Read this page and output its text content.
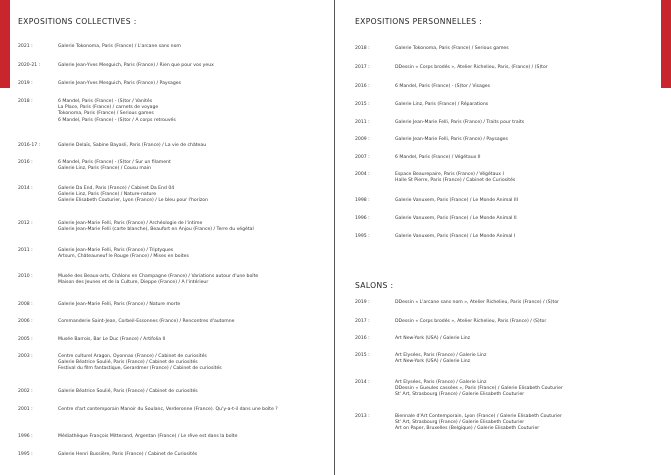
EXPOSITIONS COLLECTIVES :
2021 :	Galerie Tokonoma, Paris (France) / L'arcane sans nom
2020-21 :	Galerie Jean-Yves Mesguich, Paris (France) / Rien que pour vos yeux
2019 :	Galerie Jean-Yves Mesguich, Paris (France) / Paysages
2018 :	6 Mandel, Paris (France) - (S)tor / Vanités
La Place, Paris (France) / carnets de voyage
Tokonoma, Paris (France) / Serious games
6 Mandel, Paris (France) - (S)tor / A corps retrouvés
2016-17 :	Galerie Delaïs, Sabine Bayasli, Paris (France) / La vie de château
2016 :	6 Mandel, Paris (France) - (S)tor / Sur un filament
Galerie Linz, Paris (France) / Cousu main
2014 :	Galerie Da End, Paris (France) / Cabinet Da End 04
Galerie Linz, Paris (France) / Nature-nature
Galerie Elisabeth Couturier, Lyon (France) / Le bleu pour l'horizon
2012 :	Galerie Jean-Marie Felli, Paris (France) / Archéologie de l'intime
Galerie Jean-Marie Felli (carte blanche), Beaufort en Anjou (France) / Terre du végétal
2011 :	Galerie Jean-Marie Felli, Paris (France) / Triptyques
Artsum, Châteauneuf le Rouge (France) / Mises en boites
2010 :	Musée des Beaux-arts, Châlons en Champagne (France) / Variations autour d'une boîte
Maison des Jeunes et de la Culture, Dieppe (France) / A l'intérieur
2008 :	Galerie Jean-Marie Felli, Paris (France) / Nature morte
2006 :	Commanderie Saint-Jean, Corbeil-Essonnes (France) / Rencontres d'automne
2005 :	Musée Barrois, Bar Le Duc (France) / Artifolia II
2003 :	Centre culturel Aragon, Oyonnax (France) / Cabinet de curiosités
Galerie Béatrice Soulié, Paris (France) / Cabinet de curiosités
Festival du film fantastique, Gerardmer (France) / Cabinet de curiosités
2002 :	Galerie Béatrice Soulié, Paris (France) / Cabinet de curiosités
2001 :	Centre d'art contemporain Manoir du Soulanc, Verderonne (France). Qu'y-a-t-il dans une boîte ?
1996 :	Médiathèque François Mitterand, Argentan (France) / Le rêve est dans la boîte
1995 :	Galerie Henri Bussière, Paris (France) / Cabinet de Curiosités
EXPOSITIONS PERSONNELLES :
2018 :	Galerie Tokonoma, Paris (France) / Serious games
2017 :	DDessin « Corps brodés », Atelier Richelieu, Paris, (France) / (S)tor
2016 :	6 Mandel, Paris (France) - (S)tor / Visages
2015 :	Galerie Linz, Paris (France) / Réparations
2011 :	Galerie Jean-Marie Felli, Paris (France) / Traits pour traits
2009 :	Galerie Jean-Marie Felli, Paris (France) / Paysages
2007 :	6 Mandel, Paris (France) / Végétaux II
2004 :	Espace Beaurepaire, Paris (France) / Végétaux I
Halle St Pierre, Paris (France) / Cabinet de Curiosités
1998 :	Galerie Vanuxem, Paris (France) / Le Monde Animal III
1996 :	Galerie Vanuxem, Paris (France) / Le Monde Animal II
1995 :	Galerie Vanuxem, Paris (France) / Le Monde Animal I
SALONS :
2019 :	DDessin « L'arcane sans nom », Atelier Richelieu, Paris (France) / (S)tor
2017 :	DDessin « Corps brodés », Atelier Richelieu, Paris (France) / (S)tor
2016 :	Art New-York (USA) / Galerie Linz
2015 :	Art Elysées, Paris (France) / Galerie Linz
Art New-York (USA) / Galerie Linz
2014 :	Art Elysées, Paris (France) / Galerie Linz
DDessin « Gueules cassées », Paris (France) / Galerie Elisabeth Couturier
St' Art, Strasbourg (France) / Galerie Elisabeth Couturier
2013 :	Biennale d'Art Contemporain, Lyon (France) / Galerie Elisabeth Couturier
St' Art, Strasbourg (France) / Galerie Elisabeth Couturier
Art on Paper, Bruxelles (Belgique) / Galerie Elisabeth Couturier
